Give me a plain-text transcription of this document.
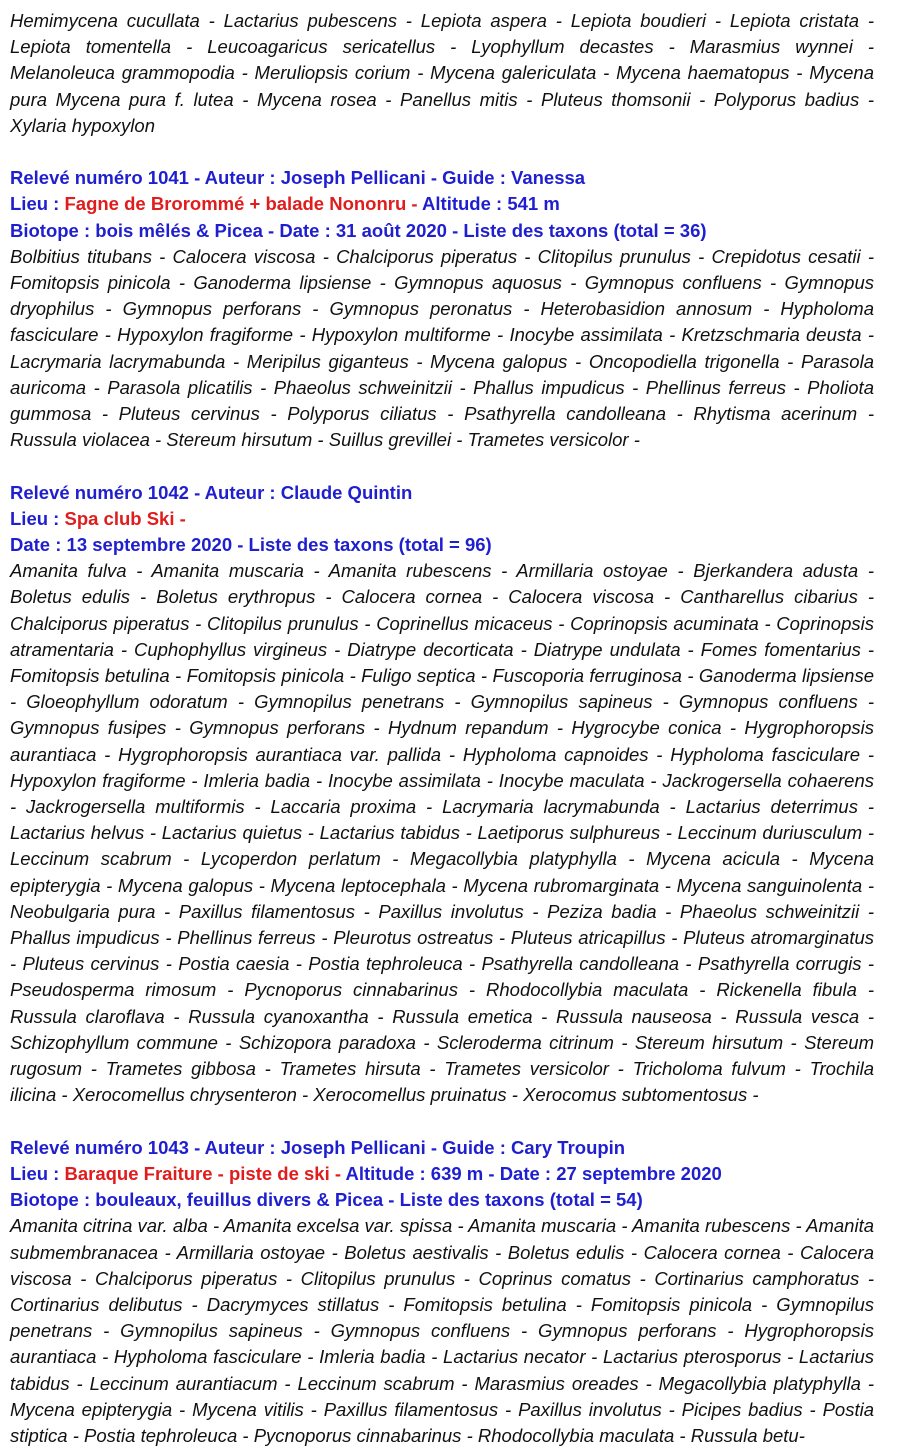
Hemimycena cucullata - Lactarius pubescens - Lepiota aspera - Lepiota boudieri - Lepiota cristata - Lepiota tomentella - Leucoagaricus sericatellus - Lyophyllum decastes - Marasmius wynnei - Melanoleuca grammopodia - Meruliopsis corium - Mycena galericulata - Mycena haematopus - Mycena pura Mycena pura f. lutea - Mycena rosea - Panellus mitis - Pluteus thomsonii - Polyporus badius - Xylaria hypoxylon

Relevé numéro 1041 - Auteur : Joseph Pellicani - Guide : Vanessa
Lieu : Fagne de Brorommé + balade Nononru - Altitude : 541 m
Biotope : bois mêlés & Picea - Date : 31 août 2020 - Liste des taxons (total = 36)

Bolbitius titubans - Calocera viscosa - Chalciporus piperatus - Clitopilus prunulus - Crepidotus cesatii - Fomitopsis pinicola - Ganoderma lipsiense - Gymnopus aquosus - Gymnopus confluens - Gymnopus dryophilus - Gymnopus perforans - Gymnopus peronatus - Heterobasidion annosum - Hypholoma fasciculare - Hypoxylon fragiforme - Hypoxylon multiforme - Inocybe assimilata - Kretzschmaria deusta - Lacrymaria lacrymabunda - Meripilus giganteus - Mycena galopus - Oncopodiella trigonella - Parasola auricoma - Parasola plicatilis - Phaeolus schweinitzii - Phallus impudicus - Phellinus ferreus - Pholiota gummosa - Pluteus cervinus - Polyporus ciliatus - Psathyrella candolleana - Rhytisma acerinum - Russula violacea - Stereum hirsutum - Suillus grevillei - Trametes versicolor -

Relevé numéro 1042 - Auteur : Claude Quintin
Lieu : Spa club Ski -
Date : 13 septembre 2020 - Liste des taxons (total = 96)

Amanita fulva - Amanita muscaria - Amanita rubescens - Armillaria ostoyae - Bjerkandera adusta - Boletus edulis - Boletus erythropus - Calocera cornea - Calocera viscosa - Cantharellus cibarius - Chalciporus piperatus - Clitopilus prunulus - Coprinellus micaceus - Coprinopsis acuminata - Coprinopsis atramentaria - Cuphophyllus virgineus - Diatrype decorticata - Diatrype undulata - Fomes fomentarius - Fomitopsis betulina - Fomitopsis pinicola - Fuligo septica - Fuscoporia ferruginosa - Ganoderma lipsiense - Gloeophyllum odoratum - Gymnopilus penetrans - Gymnopilus sapineus - Gymnopus confluens - Gymnopus fusipes - Gymnopus perforans - Hydnum repandum - Hygrocybe conica - Hygrophoropsis aurantiaca - Hygrophoropsis aurantiaca var. pallida - Hypholoma capnoides - Hypholoma fasciculare - Hypoxylon fragiforme - Imleria badia - Inocybe assimilata - Inocybe maculata - Jackrogersella cohaerens - Jackrogersella multiformis - Laccaria proxima - Lacrymaria lacrymabunda - Lactarius deterrimus - Lactarius helvus - Lactarius quietus - Lactarius tabidus - Laetiporus sulphureus - Leccinum duriusculum - Leccinum scabrum - Lycoperdon perlatum - Megacollybia platyphylla - Mycena acicula - Mycena epipterygia - Mycena galopus - Mycena leptocephala - Mycena rubromarginata - Mycena sanguinolenta - Neobulgaria pura - Paxillus filamentosus - Paxillus involutus - Peziza badia - Phaeolus schweinitzii - Phallus impudicus - Phellinus ferreus - Pleurotus ostreatus - Pluteus atricapillus - Pluteus atromarginatus - Pluteus cervinus - Postia caesia - Postia tephroleuca - Psathyrella candolleana - Psathyrella corrugis - Pseudosperma rimosum - Pycnoporus cinnabarinus - Rhodocollybia maculata - Rickenella fibula - Russula claroflava - Russula cyanoxantha - Russula emetica - Russula nauseosa - Russula vesca - Schizophyllum commune - Schizopora paradoxa - Scleroderma citrinum - Stereum hirsutum - Stereum rugosum - Trametes gibbosa - Trametes hirsuta - Trametes versicolor - Tricholoma fulvum - Trochila ilicina - Xerocomellus chrysenteron - Xerocomellus pruinatus - Xerocomus subtomentosus -

Relevé numéro 1043 - Auteur : Joseph Pellicani - Guide : Cary Troupin
Lieu : Baraque Fraiture - piste de ski - Altitude : 639 m - Date : 27 septembre 2020
Biotope : bouleaux, feuillus divers & Picea - Liste des taxons (total = 54)

Amanita citrina var. alba - Amanita excelsa var. spissa - Amanita muscaria - Amanita rubescens - Amanita submembranacea - Armillaria ostoyae - Boletus aestivalis - Boletus edulis - Calocera cornea - Calocera viscosa - Chalciporus piperatus - Clitopilus prunulus - Coprinus comatus - Cortinarius camphoratus - Cortinarius delibutus - Dacrymyces stillatus - Fomitopsis betulina - Fomitopsis pinicola - Gymnopilus penetrans - Gymnopilus sapineus - Gymnopus confluens - Gymnopus perforans - Hygrophoropsis aurantiaca - Hypholoma fasciculare - Imleria badia - Lactarius necator - Lactarius pterosporus - Lactarius tabidus - Leccinum aurantiacum - Leccinum scabrum - Marasmius oreades - Megacollybia platyphylla - Mycena epipterygia - Mycena vitilis - Paxillus filamentosus - Paxillus involutus - Picipes badius - Postia stiptica - Postia tephroleuca - Pycnoporus cinnabarinus - Rhodocollybia maculata - Russula betu-
